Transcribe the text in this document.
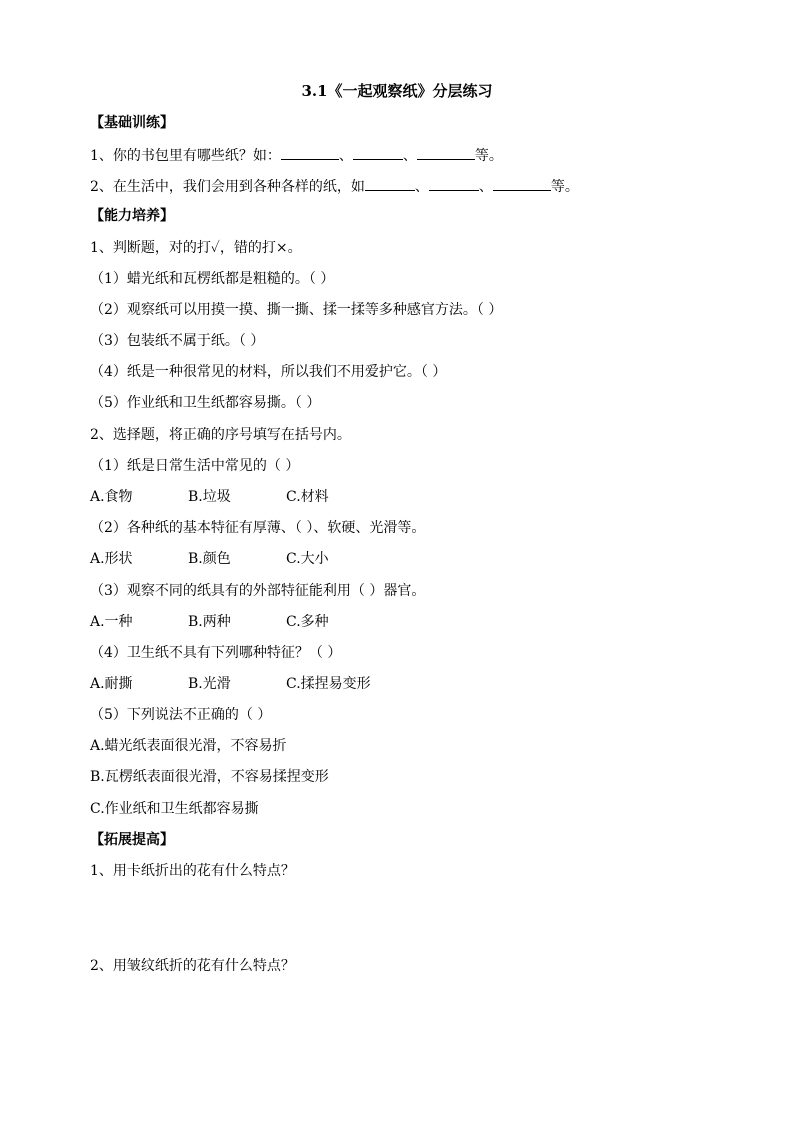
3.1《一起观察纸》分层练习
【基础训练】
1、你的书包里有哪些纸？如：	、	、	等。
2、在生活中，我们会用到各种各样的纸，如	、	、	等。
【能力培养】
1、判断题，对的打✓，错的打×。
（1）蜡光纸和瓦楞纸都是粗糙的。（ ）
（2）观察纸可以用摸一摸、撕一撕、揉一揉等多种感官方法。（ ）
（3）包装纸不属于纸。（ ）
（4）纸是一种很常见的材料，所以我们不用爱护它。（ ）
（5）作业纸和卫生纸都容易撕。（ ）
2、选择题，将正确的序号填写在括号内。
（1）纸是日常生活中常见的（ ）
A.食物	B.垃圾	C.材料
（2）各种纸的基本特征有厚薄、（ ）、软硬、光滑等。
A.形状	B.颜色	C.大小
（3）观察不同的纸具有的外部特征能利用（ ）器官。
A.一种	B.两种	C.多种
（4）卫生纸不具有下列哪种特征？（ ）
A.耐撕	B.光滑	C.揉捏易变形
（5）下列说法不正确的（ ）
A.蜡光纸表面很光滑，不容易折
B.瓦楞纸表面很光滑，不容易揉捏变形
C.作业纸和卫生纸都容易撕
【拓展提高】
1、用卡纸折出的花有什么特点？
2、用皱纹纸折的花有什么特点？
